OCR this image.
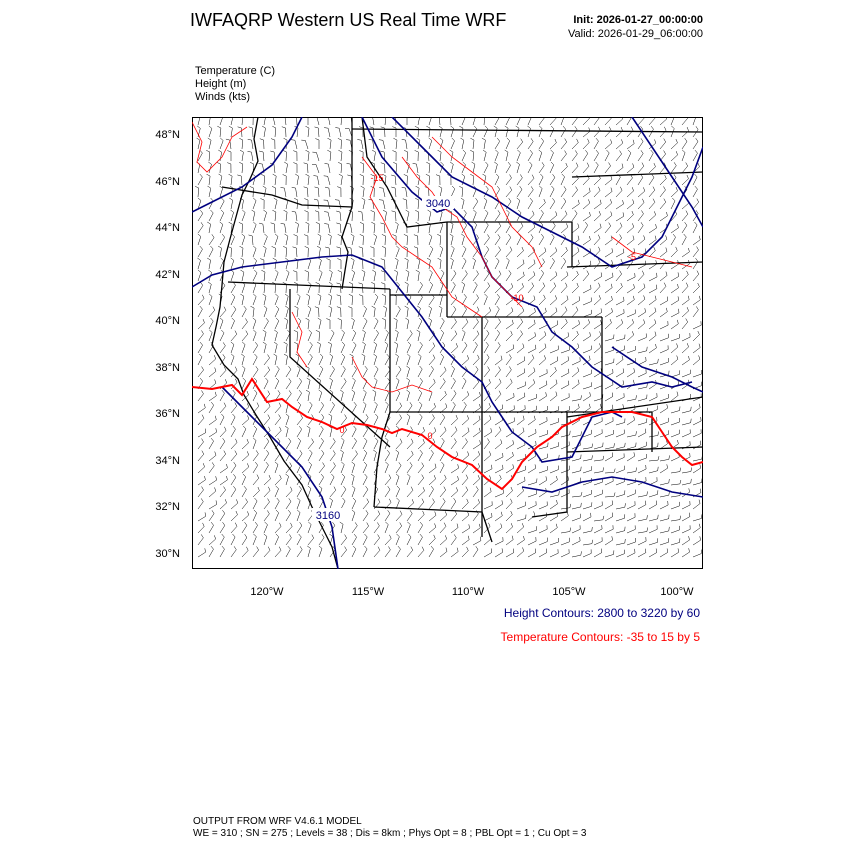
IWFAQRP Western US Real Time WRF	Init: 2026-01-27_00:00:00
Valid: 2026-01-29_06:00:00
Temperature (C)
Height (m)
Winds (kts)
48°N
46°N
44°N
42°N
40°N
38°N
36°N
34°N
32°N
30°N
120°W	115°W	110°W	105°W	100°W
3040
3160
-15
-10
-5
0
0
Height Contours: 2800 to 3220 by 60
Temperature Contours: -35 to 15 by 5
OUTPUT FROM WRF V4.6.1 MODEL
WE = 310 ; SN = 275 ; Levels = 38 ; Dis = 8km ; Phys Opt = 8 ; PBL Opt = 1 ; Cu Opt = 3
